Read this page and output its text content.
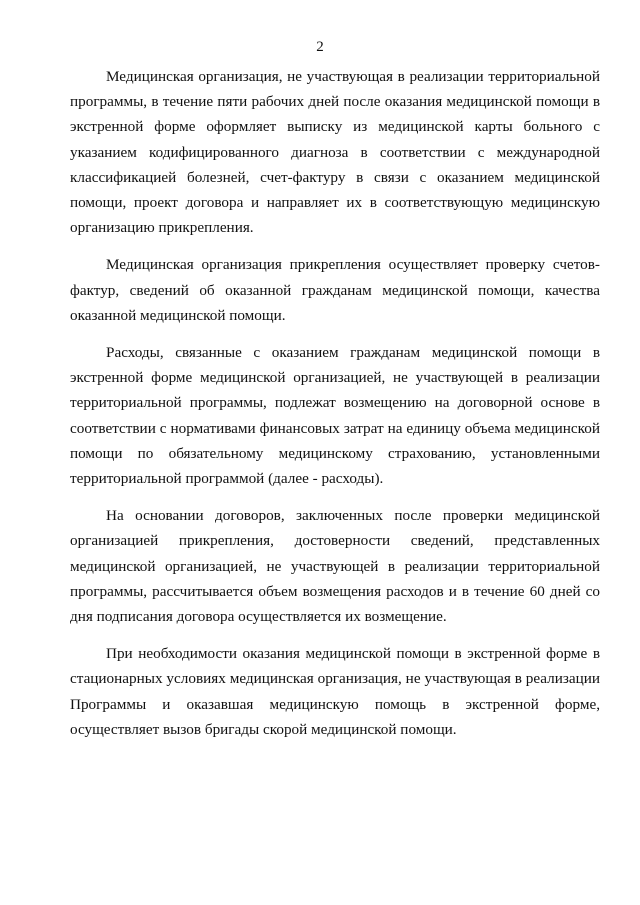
2

Медицинская организация, не участвующая в реализации территориальной программы, в течение пяти рабочих дней после оказания медицинской помощи в экстренной форме оформляет выписку из медицинской карты больного с указанием кодифицированного диагноза в соответствии с международной классификацией болезней, счет-фактуру в связи с оказанием медицинской помощи, проект договора и направляет их в соответствующую медицинскую организацию прикрепления.

Медицинская организация прикрепления осуществляет проверку счетов-фактур, сведений об оказанной гражданам медицинской помощи, качества оказанной медицинской помощи.

Расходы, связанные с оказанием гражданам медицинской помощи в экстренной форме медицинской организацией, не участвующей в реализации территориальной программы, подлежат возмещению на договорной основе в соответствии с нормативами финансовых затрат на единицу объема медицинской помощи по обязательному медицинскому страхованию, установленными территориальной программой (далее - расходы).

На основании договоров, заключенных после проверки медицинской организацией прикрепления, достоверности сведений, представленных медицинской организацией, не участвующей в реализации территориальной программы, рассчитывается объем возмещения расходов и в течение 60 дней со дня подписания договора осуществляется их возмещение.

При необходимости оказания медицинской помощи в экстренной форме в стационарных условиях медицинская организация, не участвующая в реализации Программы и оказавшая медицинскую помощь в экстренной форме, осуществляет вызов бригады скорой медицинской помощи.
